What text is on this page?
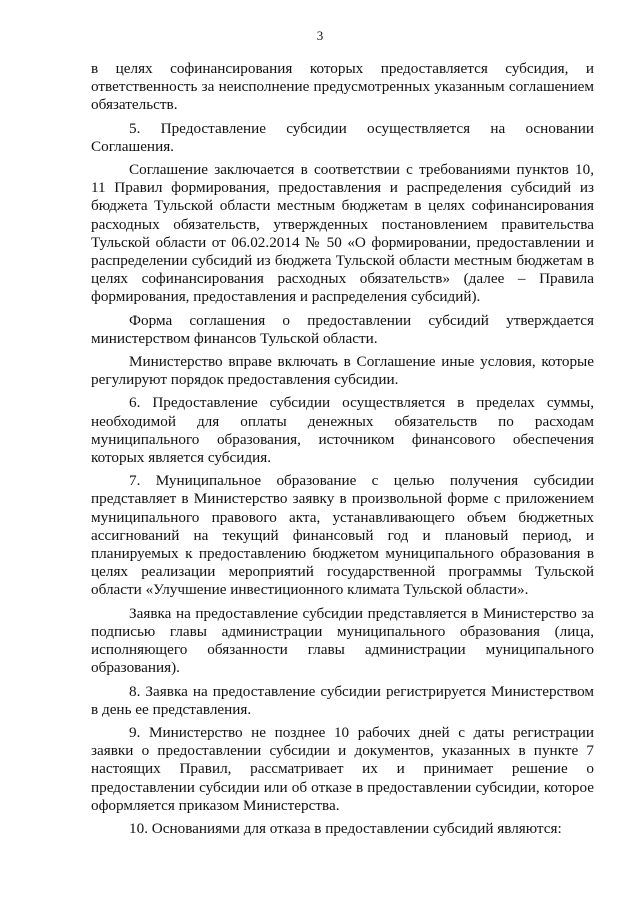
3

в целях софинансирования которых предоставляется субсидия, и ответственность за неисполнение предусмотренных указанным соглашением обязательств.

5. Предоставление субсидии осуществляется на основании Соглашения.

Соглашение заключается в соответствии с требованиями пунктов 10, 11 Правил формирования, предоставления и распределения субсидий из бюджета Тульской области местным бюджетам в целях софинансирования расходных обязательств, утвержденных постановлением правительства Тульской области от 06.02.2014 № 50 «О формировании, предоставлении и распределении субсидий из бюджета Тульской области местным бюджетам в целях софинансирования расходных обязательств» (далее – Правила формирования, предоставления и распределения субсидий).

Форма соглашения о предоставлении субсидий утверждается министерством финансов Тульской области.

Министерство вправе включать в Соглашение иные условия, которые регулируют порядок предоставления субсидии.

6. Предоставление субсидии осуществляется в пределах суммы, необходимой для оплаты денежных обязательств по расходам муниципального образования, источником финансового обеспечения которых является субсидия.

7. Муниципальное образование с целью получения субсидии представляет в Министерство заявку в произвольной форме с приложением муниципального правового акта, устанавливающего объем бюджетных ассигнований на текущий финансовый год и плановый период, и планируемых к предоставлению бюджетом муниципального образования в целях реализации мероприятий государственной программы Тульской области «Улучшение инвестиционного климата Тульской области».

Заявка на предоставление субсидии представляется в Министерство за подписью главы администрации муниципального образования (лица, исполняющего обязанности главы администрации муниципального образования).

8. Заявка на предоставление субсидии регистрируется Министерством в день ее представления.

9. Министерство не позднее 10 рабочих дней с даты регистрации заявки о предоставлении субсидии и документов, указанных в пункте 7 настоящих Правил, рассматривает их и принимает решение о предоставлении субсидии или об отказе в предоставлении субсидии, которое оформляется приказом Министерства.

10. Основаниями для отказа в предоставлении субсидий являются:
